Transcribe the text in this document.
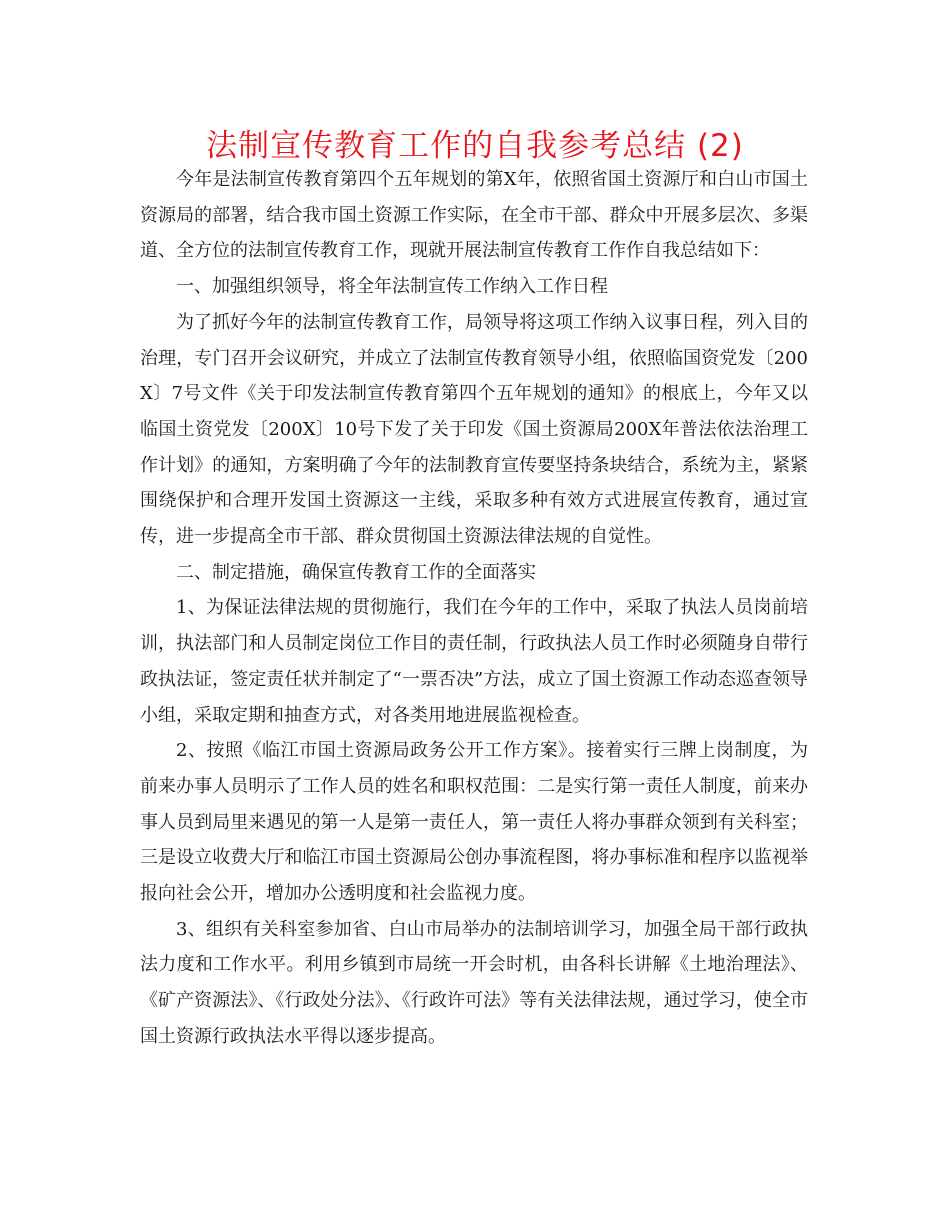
法制宣传教育工作的自我参考总结 (2)

今年是法制宣传教育第四个五年规划的第X年，依照省国土资源厅和白山市国土资源局的部署，结合我市国土资源工作实际，在全市干部、群众中开展多层次、多渠道、全方位的法制宣传教育工作，现就开展法制宣传教育工作作自我总结如下：

一、加强组织领导，将全年法制宣传工作纳入工作日程

为了抓好今年的法制宣传教育工作，局领导将这项工作纳入议事日程，列入目的治理，专门召开会议研究，并成立了法制宣传教育领导小组，依照临国资党发〔200X〕7号文件《关于印发法制宣传教育第四个五年规划的通知》的根底上，今年又以临国土资党发〔200X〕10号下发了关于印发《国土资源局200X年普法依法治理工作计划》的通知，方案明确了今年的法制教育宣传要坚持条块结合，系统为主，紧紧围绕保护和合理开发国土资源这一主线，采取多种有效方式进展宣传教育，通过宣传，进一步提高全市干部、群众贯彻国土资源法律法规的自觉性。

二、制定措施，确保宣传教育工作的全面落实

1、为保证法律法规的贯彻施行，我们在今年的工作中，采取了执法人员岗前培训，执法部门和人员制定岗位工作目的责任制，行政执法人员工作时必须随身自带行政执法证，签定责任状并制定了“一票否决”方法，成立了国土资源工作动态巡查领导小组，采取定期和抽查方式，对各类用地进展监视检查。

2、按照《临江市国土资源局政务公开工作方案》。接着实行三牌上岗制度，为前来办事人员明示了工作人员的姓名和职权范围：二是实行第一责任人制度，前来办事人员到局里来遇见的第一人是第一责任人，第一责任人将办事群众领到有关科室；三是设立收费大厅和临江市国土资源局公创办事流程图，将办事标准和程序以监视举报向社会公开，增加办公透明度和社会监视力度。

3、组织有关科室参加省、白山市局举办的法制培训学习，加强全局干部行政执法力度和工作水平。利用乡镇到市局统一开会时机，由各科长讲解《土地治理法》、《矿产资源法》、《行政处分法》、《行政许可法》等有关法律法规，通过学习，使全市国土资源行政执法水平得以逐步提高。
